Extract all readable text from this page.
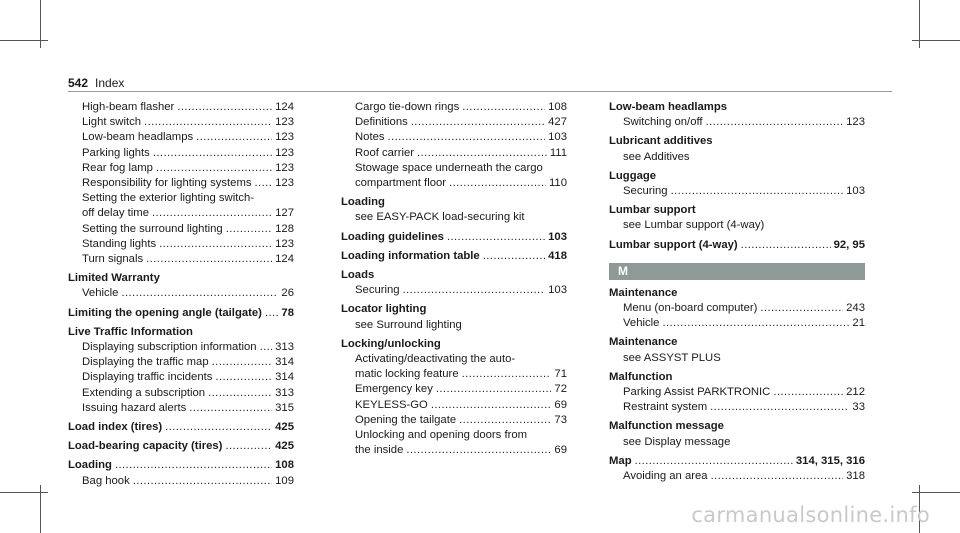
542 Index
High-beam flasher .....	124
Light switch .....	123
Low-beam headlamps .....	123
Parking lights .....	123
Rear fog lamp .....	123
Responsibility for lighting systems ..... 123
Setting the exterior lighting switch-
off delay time .....	127
Setting the surround lighting .....	128
Standing lights .....	123
Turn signals .....	124
Limited Warranty
Vehicle .....	26
Limiting the opening angle (tailgate) ..... 78
Live Traffic Information
Displaying subscription information ..... 313
Displaying the traffic map .....	314
Displaying traffic incidents .....	314
Extending a subscription .....	313
Issuing hazard alerts .....	315
Load index (tires) .....	425
Load-bearing capacity (tires) .....	425
Loading .....	108
Bag hook .....	109
Cargo tie-down rings .....	108
Definitions .....	427
Notes .....	103
Roof carrier .....	111
Stowage space underneath the cargo
compartment floor .....	110
Loading
see EASY-PACK load-securing kit
Loading guidelines .....	103
Loading information table .....	418
Loads
Securing .....	103
Locator lighting
see Surround lighting
Locking/unlocking
Activating/deactivating the auto-
matic locking feature .....	71
Emergency key .....	72
KEYLESS-GO .....	69
Opening the tailgate .....	73
Unlocking and opening doors from
the inside .....	69
Low-beam headlamps
Switching on/off .....	123
Lubricant additives
see Additives
Luggage
Securing .....	103
Lumbar support
see Lumbar support (4-way)
Lumbar support (4-way) .....	92, 95
M
Maintenance
Menu (on-board computer) .....	243
Vehicle .....	21
Maintenance
see ASSYST PLUS
Malfunction
Parking Assist PARKTRONIC .....	212
Restraint system .....	33
Malfunction message
see Display message
Map .....	314, 315, 316
Avoiding an area .....	318
carmanualsonline.info
